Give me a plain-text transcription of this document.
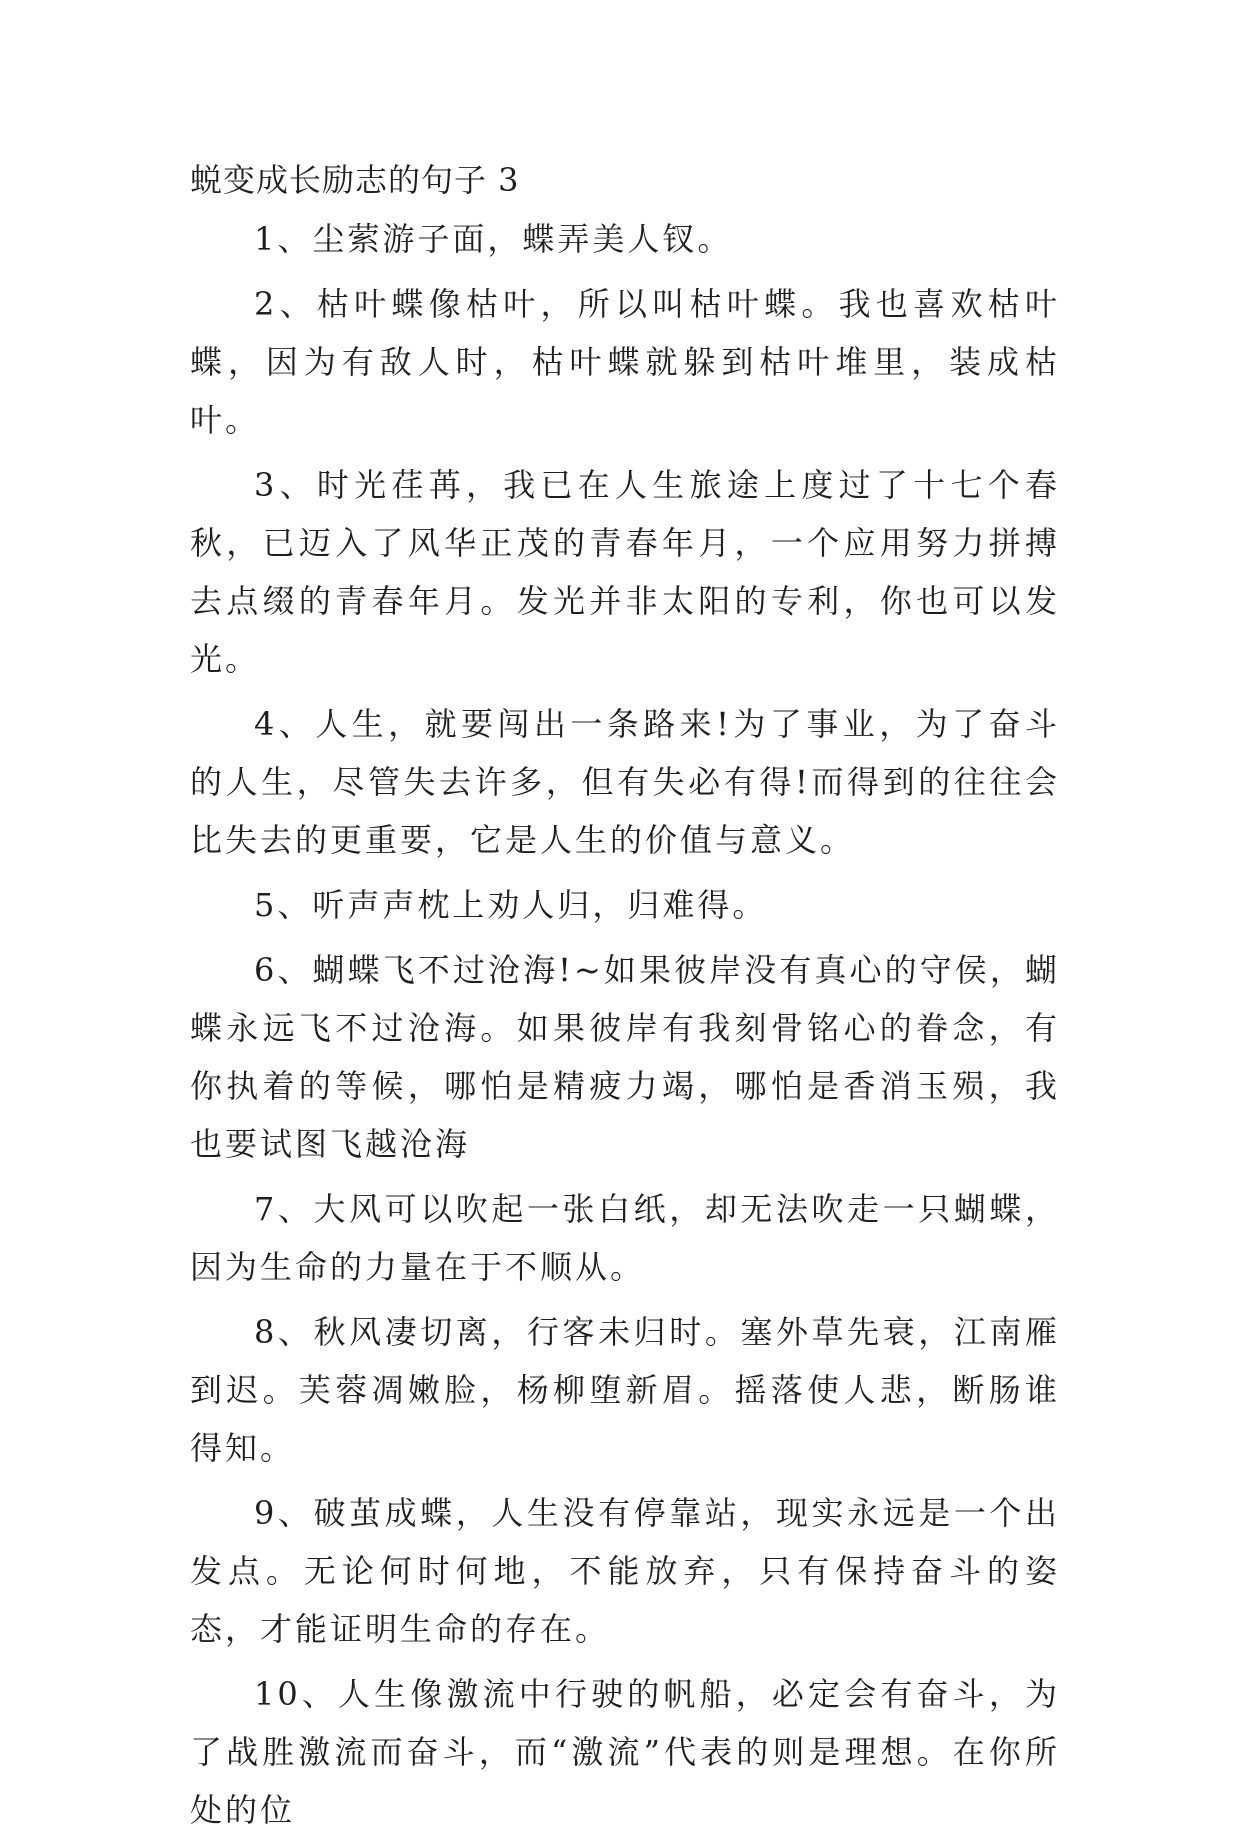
蜕变成长励志的句子 3

1、尘萦游子面，蝶弄美人钗。

2、枯叶蝶像枯叶，所以叫枯叶蝶。我也喜欢枯叶蝶，因为有敌人时，枯叶蝶就躲到枯叶堆里，装成枯叶。

3、时光荏苒，我已在人生旅途上度过了十七个春秋，已迈入了风华正茂的青春年月，一个应用努力拼搏去点缀的青春年月。发光并非太阳的专利，你也可以发光。

4、人生，就要闯出一条路来!为了事业，为了奋斗的人生，尽管失去许多，但有失必有得!而得到的往往会比失去的更重要，它是人生的价值与意义。

5、听声声枕上劝人归，归难得。

6、蝴蝶飞不过沧海!~如果彼岸没有真心的守侯，蝴蝶永远飞不过沧海。如果彼岸有我刻骨铭心的眷念，有你执着的等候，哪怕是精疲力竭，哪怕是香消玉殒，我也要试图飞越沧海

7、大风可以吹起一张白纸，却无法吹走一只蝴蝶，因为生命的力量在于不顺从。

8、秋风凄切离，行客未归时。塞外草先衰，江南雁到迟。芙蓉凋嫩脸，杨柳堕新眉。摇落使人悲，断肠谁得知。

9、破茧成蝶，人生没有停靠站，现实永远是一个出发点。无论何时何地，不能放弃，只有保持奋斗的姿态，才能证明生命的存在。

10、人生像激流中行驶的帆船，必定会有奋斗，为了战胜激流而奋斗，而“激流”代表的则是理想。在你所处的位
